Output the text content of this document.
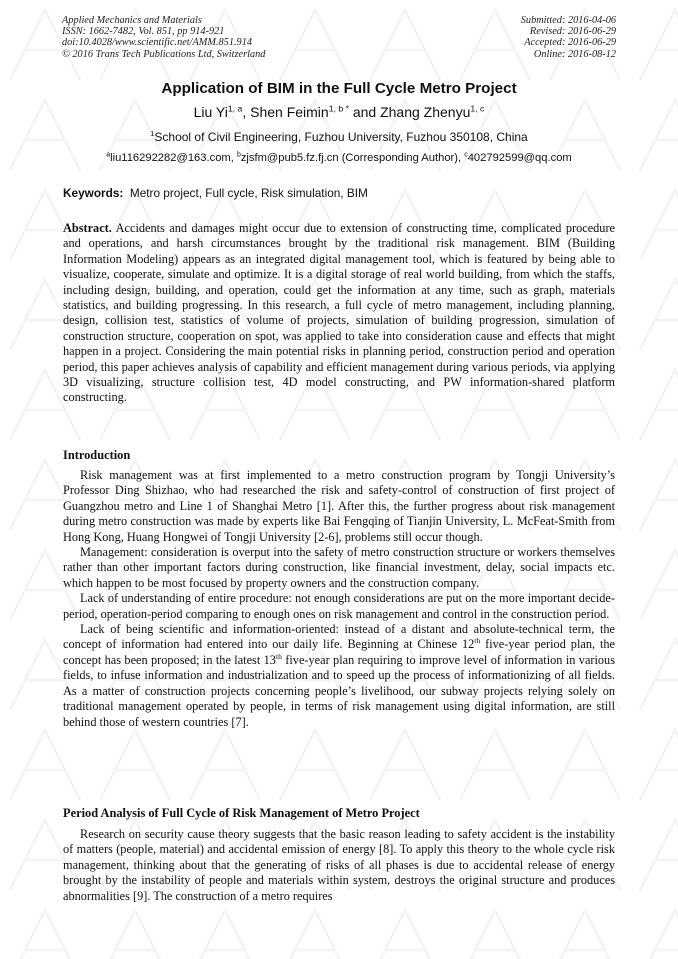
Applied Mechanics and Materials
ISSN: 1662-7482, Vol. 851, pp 914-921
doi:10.4028/www.scientific.net/AMM.851.914
© 2016 Trans Tech Publications Ltd, Switzerland
Submitted: 2016-04-06
Revised: 2016-06-29
Accepted: 2016-06-29
Online: 2016-08-12
Application of BIM in the Full Cycle Metro Project
Liu Yi$^{1, a}$, Shen Feimin$^{1, b *}$ and Zhang Zhenyu$^{1, c}$
$^1$School of Civil Engineering, Fuzhou University, Fuzhou 350108, China
$^a$liu116292282@163.com, $^b$zjsfm@pub5.fz.fj.cn (Corresponding Author), $^c$402792599@qq.com
Keywords: Metro project, Full cycle, Risk simulation, BIM

Abstract. Accidents and damages might occur due to extension of constructing time, complicated procedure and operations, and harsh circumstances brought by the traditional risk management. BIM (Building Information Modeling) appears as an integrated digital management tool, which is featured by being able to visualize, cooperate, simulate and optimize. It is a digital storage of real world building, from which the staffs, including design, building, and operation, could get the information at any time, such as graph, materials statistics, and building progressing. In this research, a full cycle of metro management, including planning, design, collision test, statistics of volume of projects, simulation of building progression, simulation of construction structure, cooperation on spot, was applied to take into consideration cause and effects that might happen in a project. Considering the main potential risks in planning period, construction period and operation period, this paper achieves analysis of capability and efficient management during various periods, via applying 3D visualizing, structure collision test, 4D model constructing, and PW information-shared platform constructing.

Introduction

Risk management was at first implemented to a metro construction program by Tongji University’s Professor Ding Shizhao, who had researched the risk and safety-control of construction of first project of Guangzhou metro and Line 1 of Shanghai Metro [1]. After this, the further progress about risk management during metro construction was made by experts like Bai Fengqing of Tianjin University, L. McFeat-Smith from Hong Kong, Huang Hongwei of Tongji University [2-6], problems still occur though.

Management: consideration is overput into the safety of metro construction structure or workers themselves rather than other important factors during construction, like financial investment, delay, social impacts etc. which happen to be most focused by property owners and the construction company.

Lack of understanding of entire procedure: not enough considerations are put on the more important decide-period, operation-period comparing to enough ones on risk management and control in the construction period.

Lack of being scientific and information-oriented: instead of a distant and absolute-technical term, the concept of information had entered into our daily life. Beginning at Chinese 12th five-year period plan, the concept has been proposed; in the latest 13th five-year plan requiring to improve level of information in various fields, to infuse information and industrialization and to speed up the process of informationizing of all fields. As a matter of construction projects concerning people’s livelihood, our subway projects relying solely on traditional management operated by people, in terms of risk management using digital information, are still behind those of western countries [7].

Period Analysis of Full Cycle of Risk Management of Metro Project

Research on security cause theory suggests that the basic reason leading to safety accident is the instability of matters (people, material) and accidental emission of energy [8]. To apply this theory to the whole cycle risk management, thinking about that the generating of risks of all phases is due to accidental release of energy brought by the instability of people and materials within system, destroys the original structure and produces abnormalities [9]. The construction of a metro requires
